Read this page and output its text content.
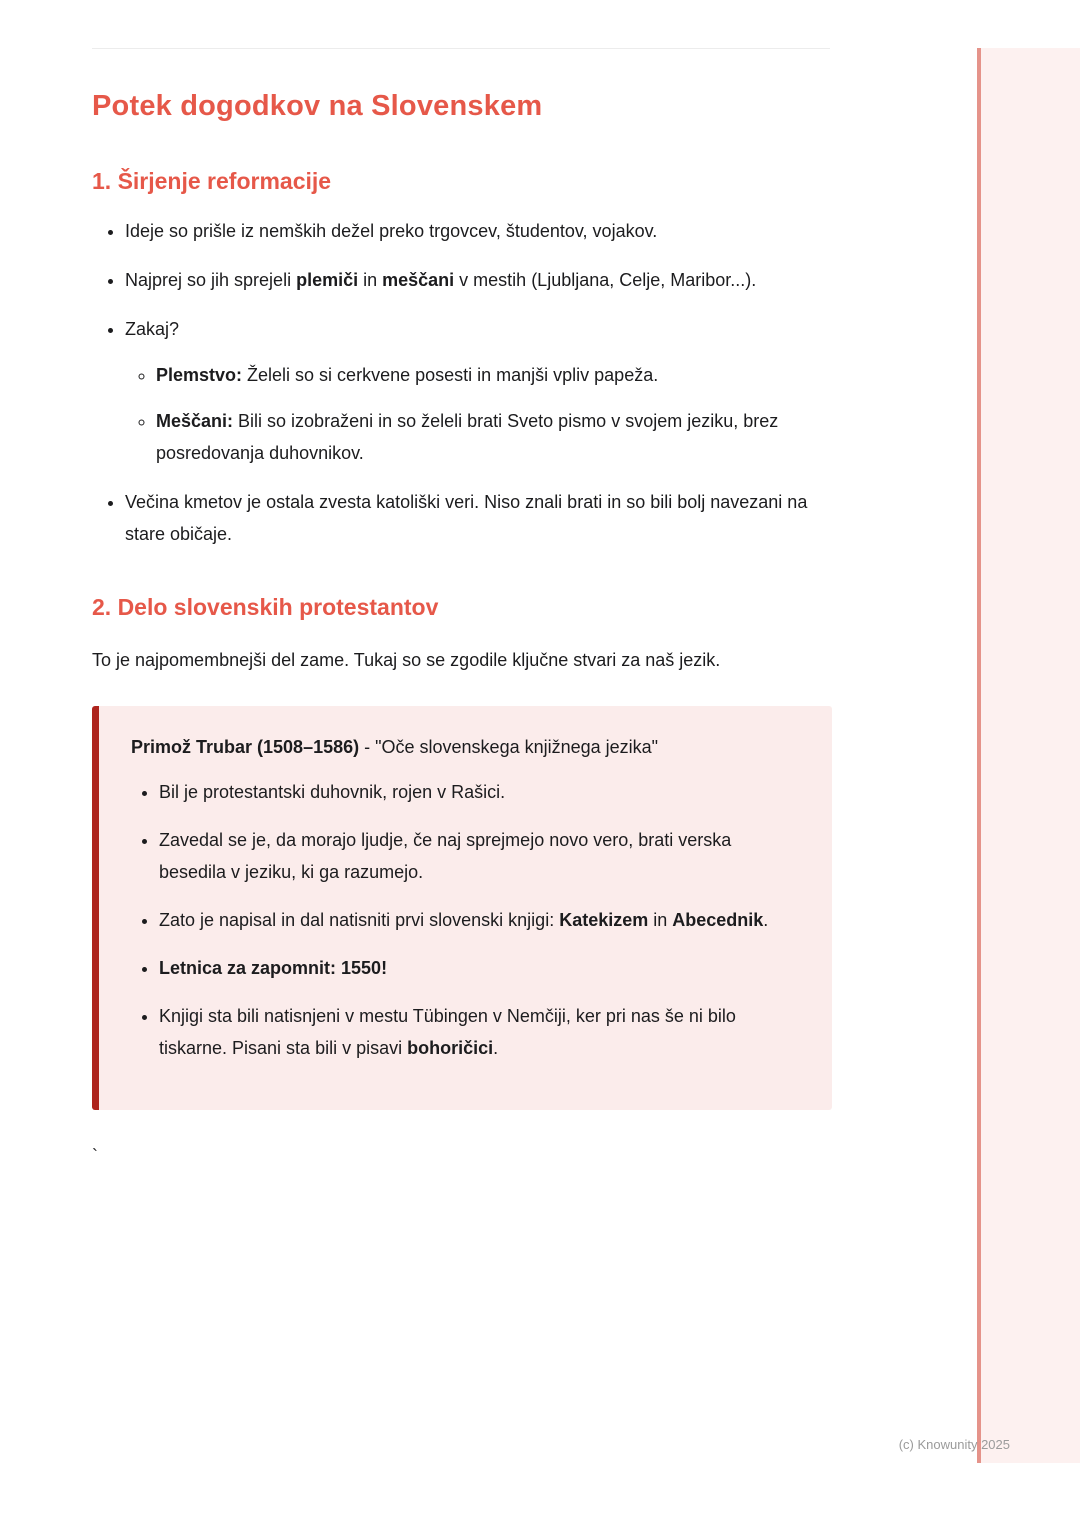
Potek dogodkov na Slovenskem
1. Širjenje reformacije
• Ideje so prišle iz nemških dežel preko trgovcev, študentov, vojakov.
• Najprej so jih sprejeli plemiči in meščani v mestih (Ljubljana, Celje, Maribor...).
• Zakaj?
◦ Plemstvo: Želeli so si cerkvene posesti in manjši vpliv papeža.
◦ Meščani: Bili so izobraženi in so želeli brati Sveto pismo v svojem jeziku, brez posredovanja duhovnikov.
• Večina kmetov je ostala zvesta katoliški veri. Niso znali brati in so bili bolj navezani na stare običaje.
2. Delo slovenskih protestantov

To je najpomembnejši del zame. Tukaj so se zgodile ključne stvari za naš jezik.

Primož Trubar (1508–1586) - "Oče slovenskega knjižnega jezika"

• Bil je protestantski duhovnik, rojen v Rašici.
• Zavedal se je, da morajo ljudje, če naj sprejmejo novo vero, brati verska besedila v jeziku, ki ga razumejo.
• Zato je napisal in dal natisniti prvi slovenski knjigi: Katekizem in Abecednik.
• Letnica za zapomnit: 1550!
• Knjigi sta bili natisnjeni v mestu Tübingen v Nemčiji, ker pri nas še ni bilo tiskarne. Pisani sta bili v pisavi bohoričici.

`

(c) Knowunity 2025
